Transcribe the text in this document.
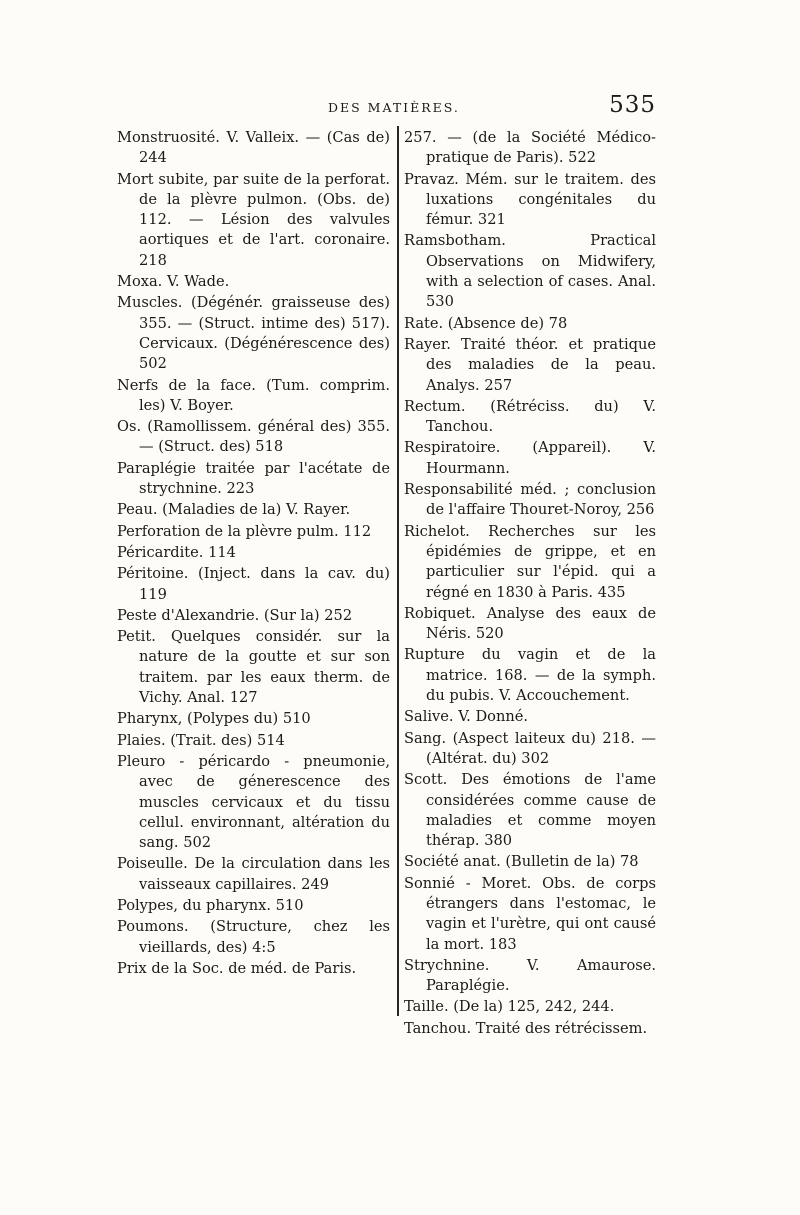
DES MATIÈRES.	535

Monstruosité. V. Valleix. — (Cas de) 244

Mort subite, par suite de la perforat. de la plèvre pulmon. (Obs. de) 112. — Lésion des valvules aortiques et de l'art. coronaire. 218

Moxa. V. Wade.

Muscles. (Dégénér. graisseuse des) 355. — (Struct. intime des) 517). Cervicaux. (Dégénérescence des) 502

Nerfs de la face. (Tum. comprim. les) V. Boyer.

Os. (Ramollissem. général des) 355. — (Struct. des) 518

Paraplégie traitée par l'acétate de strychnine. 223

Peau. (Maladies de la) V. Rayer.

Perforation de la plèvre pulm. 112

Péricardite. 114

Péritoine. (Inject. dans la cav. du) 119

Peste d'Alexandrie. (Sur la) 252

Petit. Quelques considér. sur la nature de la goutte et sur son traitem. par les eaux therm. de Vichy. Anal. 127

Pharynx, (Polypes du) 510

Plaies. (Trait. des) 514

Pleuro - péricardo - pneumonie, avec de génerescence des muscles cervicaux et du tissu cellul. environnant, altération du sang. 502

Poiseulle. De la circulation dans les vaisseaux capillaires. 249

Polypes, du pharynx. 510

Poumons. (Structure, chez les vieillards, des) 4:5

Prix de la Soc. de méd. de Paris.

257. — (de la Société Médico-pratique de Paris). 522

Pravaz. Mém. sur le traitem. des luxations congénitales du fémur. 321

Ramsbotham. Practical Observations on Midwifery, with a selection of cases. Anal. 530

Rate. (Absence de) 78

Rayer. Traité théor. et pratique des maladies de la peau. Analys. 257

Rectum. (Rétréciss. du) V. Tanchou.

Respiratoire. (Appareil). V. Hourmann.

Responsabilité méd. ; conclusion de l'affaire Thouret-Noroy, 256

Richelot. Recherches sur les épidémies de grippe, et en particulier sur l'épid. qui a régné en 1830 à Paris. 435

Robiquet. Analyse des eaux de Néris. 520

Rupture du vagin et de la matrice. 168. — de la symph. du pubis. V. Accouchement.

Salive. V. Donné.

Sang. (Aspect laiteux du) 218. — (Altérat. du) 302

Scott. Des émotions de l'ame considérées comme cause de maladies et comme moyen thérap. 380

Société anat. (Bulletin de la) 78

Sonnié - Moret. Obs. de corps étrangers dans l'estomac, le vagin et l'urètre, qui ont causé la mort. 183

Strychnine. V. Amaurose. Paraplégie.

Taille. (De la) 125, 242, 244.

Tanchou. Traité des rétrécissem.
